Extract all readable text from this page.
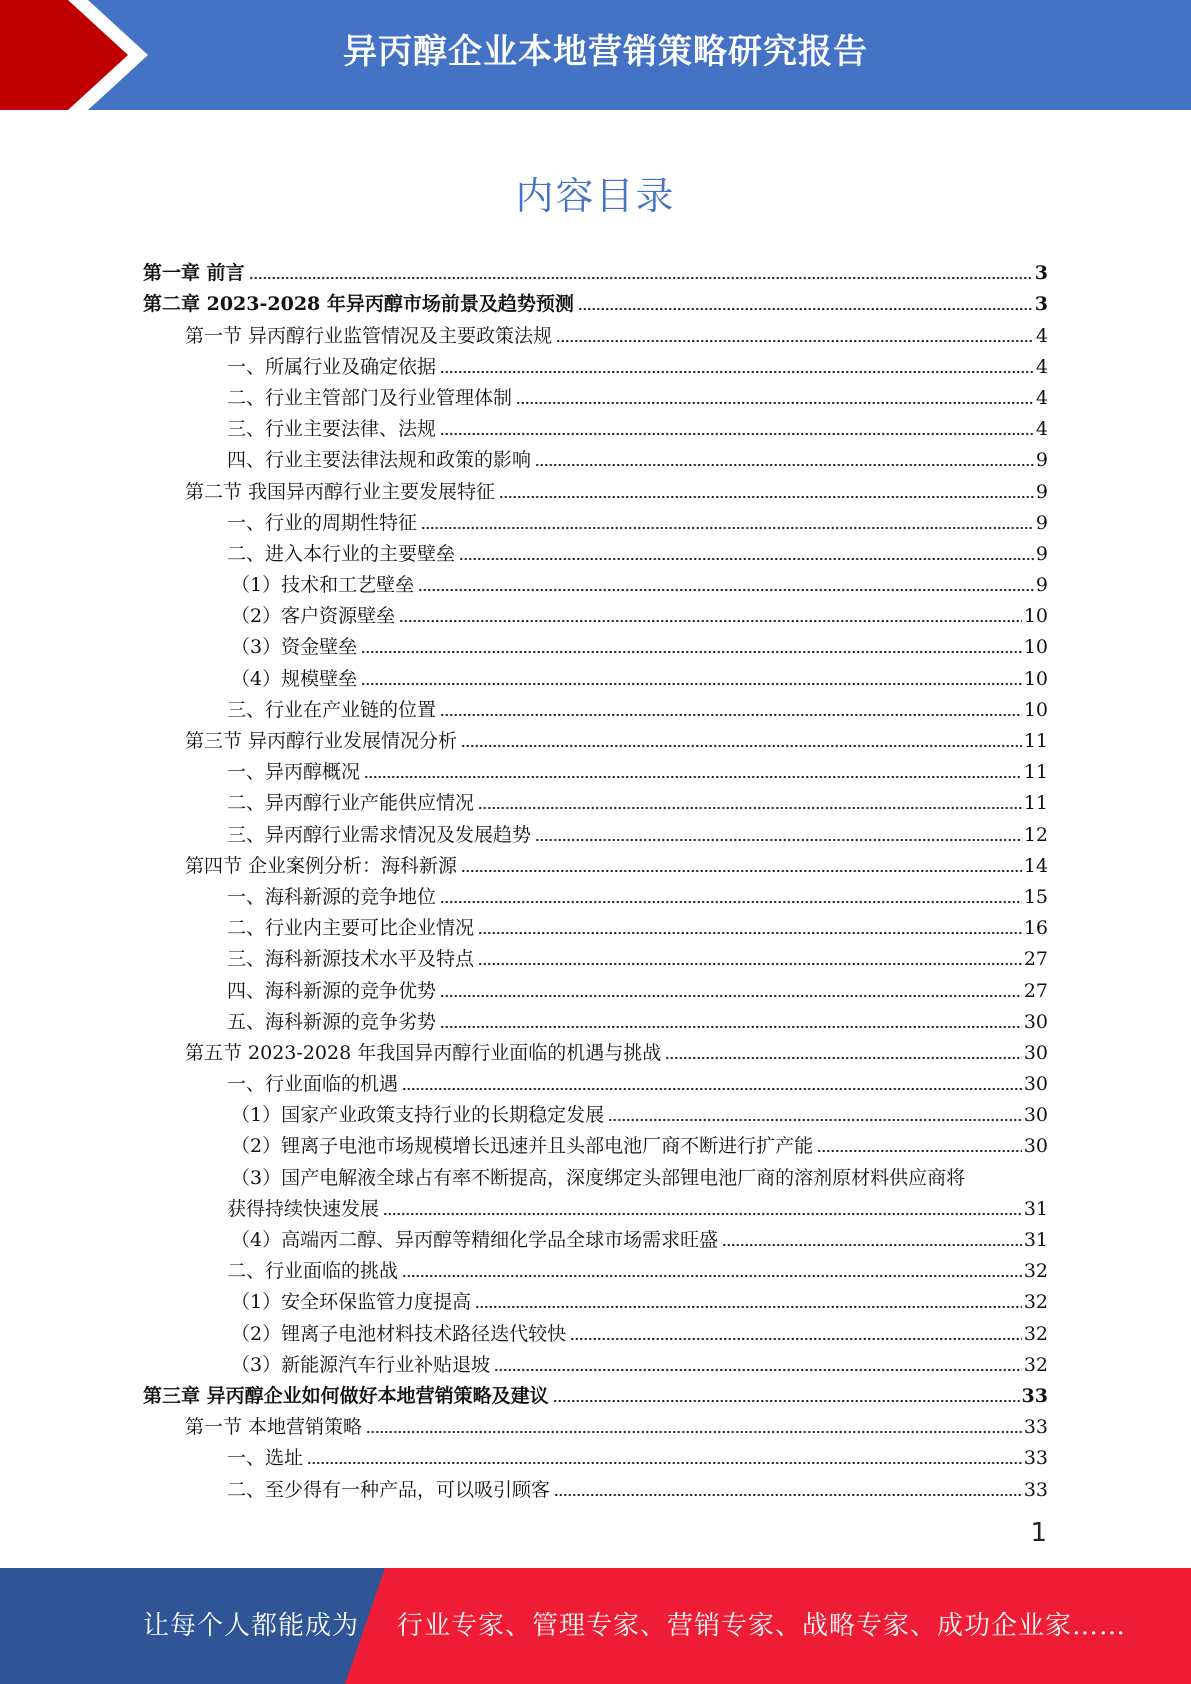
异丙醇企业本地营销策略研究报告
内容目录
第一章 前言	3
第二章 2023-2028 年异丙醇市场前景及趋势预测	3
第一节 异丙醇行业监管情况及主要政策法规	4
一、所属行业及确定依据	4
二、行业主管部门及行业管理体制	4
三、行业主要法律、法规	4
四、行业主要法律法规和政策的影响	9
第二节 我国异丙醇行业主要发展特征	9
一、行业的周期性特征	9
二、进入本行业的主要壁垒	9
（1）技术和工艺壁垒	9
（2）客户资源壁垒	10
（3）资金壁垒	10
（4）规模壁垒	10
三、行业在产业链的位置	10
第三节 异丙醇行业发展情况分析	11
一、异丙醇概况	11
二、异丙醇行业产能供应情况	11
三、异丙醇行业需求情况及发展趋势	12
第四节 企业案例分析：海科新源	14
一、海科新源的竞争地位	15
二、行业内主要可比企业情况	16
三、海科新源技术水平及特点	27
四、海科新源的竞争优势	27
五、海科新源的竞争劣势	30
第五节 2023-2028 年我国异丙醇行业面临的机遇与挑战	30
一、行业面临的机遇	30
（1）国家产业政策支持行业的长期稳定发展	30
（2）锂离子电池市场规模增长迅速并且头部电池厂商不断进行扩产能	30
（3）国产电解液全球占有率不断提高，深度绑定头部锂电池厂商的溶剂原材料供应商将
获得持续快速发展	31
（4）高端丙二醇、异丙醇等精细化学品全球市场需求旺盛	31
二、行业面临的挑战	32
（1）安全环保监管力度提高	32
（2）锂离子电池材料技术路径迭代较快	32
（3）新能源汽车行业补贴退坡	32
第三章 异丙醇企业如何做好本地营销策略及建议	33
第一节 本地营销策略	33
一、选址	33
二、至少得有一种产品，可以吸引顾客	33
1
让每个人都能成为 行业专家、管理专家、营销专家、战略专家、成功企业家……
